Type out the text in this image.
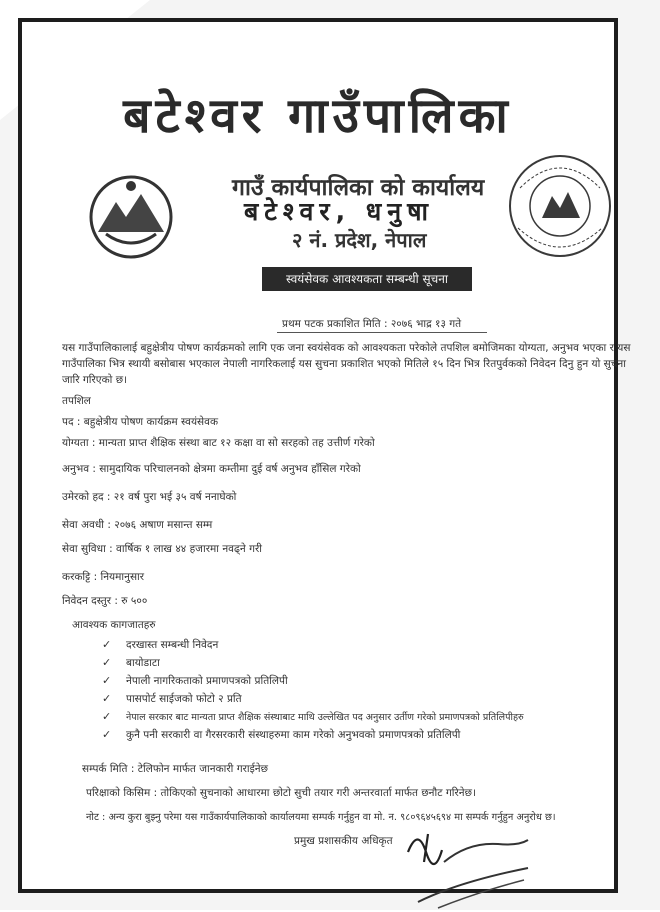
बटेश्वर गाउँपालिका
गाउँ कार्यपालिका को कार्यालय
बटेश्वर, धनुषा
२ नं. प्रदेश, नेपाल
स्वयंसेवक आवश्यकता सम्बन्धी सूचना
प्रथम पटक प्रकाशित मिति : २०७६ भाद्र १३ गते
यस गाउँपालिकालाई बहुक्षेत्रीय पोषण कार्यक्रमको लागि एक जना स्वयंसेवक को आवश्यकता परेकोले तपशिल बमोजिमका योग्यता, अनुभव भएका र यस गाउँपालिका भित्र स्थायी बसोबास भएकाल नेपाली नागरिकलाई यस सुचना प्रकाशित भएको मितिले १५ दिन भित्र रितपुर्वकको निवेदन दिनु हुन यो सुचना जारि गरिएको छ।
तपशिल
पद : बहुक्षेत्रीय पोषण कार्यक्रम स्वयंसेवक
योग्यता : मान्यता प्राप्त शैक्षिक संस्था बाट १२ कक्षा वा सो सरहको तह उत्तीर्ण गरेको
अनुभव : सामुदायिक परिचालनको क्षेत्रमा कम्तीमा दुई वर्ष अनुभव हाँसिल गरेको
उमेरको हद : २१ वर्ष पुरा भई ३५ वर्ष ननाघेको
सेवा अवधी : २०७६ अषाण मसान्त सम्म
सेवा सुविधा : वार्षिक १ लाख ४४ हजारमा नवढ्ने गरी
करकट्टि : नियमानुसार
निवेदन दस्तुर : रु ५००
आवश्यक कागजातहरु
✓ दरखास्त सम्बन्धी निवेदन
✓ बायोडाटा
✓ नेपाली नागरिकताको प्रमाणपत्रको प्रतिलिपी
✓ पासपोर्ट साईजको फोटो २ प्रति
✓ नेपाल सरकार बाट मान्यता प्राप्त शैक्षिक संस्थाबाट माथि उल्लेखित पद अनुसार उर्तीण गरेको प्रमाणपत्रको प्रतिलिपीहरु
✓ कुनै पनी सरकारी वा गैरसरकारी संस्थाहरुमा काम गरेको अनुभवको प्रमाणपत्रको प्रतिलिपी
सम्पर्क मिति : टेलिफोन मार्फत जानकारी गराईनेछ
परिक्षाको किसिम : तोकिएको सुचनाको आधारमा छोटो सुची तयार गरी अन्तरवार्ता मार्फत छनौट गरिनेछ।
नोट : अन्य कुरा बुझ्नु परेमा यस गाउँकार्यपालिकाको कार्यालयमा सम्पर्क गर्नुहुन वा मो. न. ९८०९६४५६९४ मा सम्पर्क गर्नुहुन अनुरोध छ।
प्रमुख प्रशासकीय अधिकृत
